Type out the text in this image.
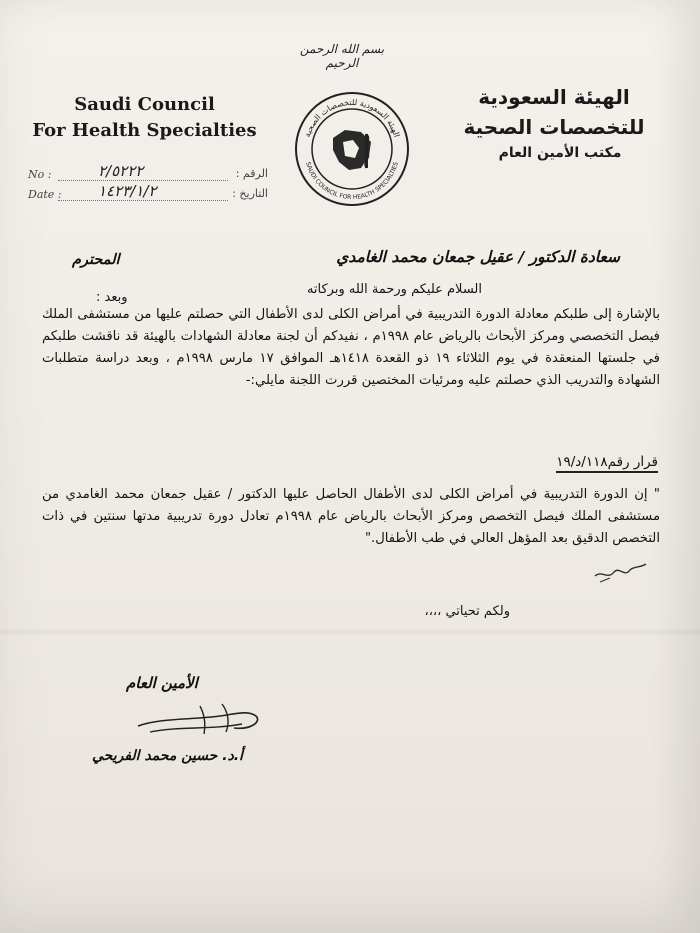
بسم الله الرحمن الرحيم
Saudi Council
For Health Specialties
الهيئة السعودية
للتخصصات الصحية
مكتب الأمين العام
الهيئة السعودية للتخصصات الصحية
SAUDI COUNCIL FOR HEALTH SPECIALTIES
No :	٢/٥٢٢٢	الرقم :
Date : ١٤٢٣/١/٢	التاريخ :
سعادة الدكتور / عقيل جمعان محمد الغامدي
المحترم
السلام عليكم ورحمة الله وبركاته
وبعد :
بالإشارة إلى طلبكم معادلة الدورة التدريبية في أمراض الكلى لدى الأطفال التي حصلتم عليها من مستشفى الملك فيصل التخصصي ومركز الأبحاث بالرياض عام ١٩٩٨م ، نفيدكم أن لجنة معادلة الشهادات بالهيئة قد ناقشت طلبكم في جلستها المنعقدة في يوم الثلاثاء ١٩ ذو القعدة ١٤١٨هـ الموافق ١٧ مارس ١٩٩٨م ، وبعد دراسة متطلبات الشهادة والتدريب الذي حصلتم عليه ومرئيات المختصين قررت اللجنة مايلي:-
قرار رقم١١٨/د/١٩
" إن الدورة التدريبية في أمراض الكلى لدى الأطفال الحاصل عليها الدكتور / عقيل جمعان محمد الغامدي من مستشفى الملك فيصل التخصص ومركز الأبحاث بالرياض عام ١٩٩٨م تعادل دورة تدريبية مدتها سنتين في ذات التخصص الدقيق بعد المؤهل العالي في طب الأطفال."
ولكم تحياتي ،،،،
الأمين العام
أ.د. حسين محمد الفريحي
